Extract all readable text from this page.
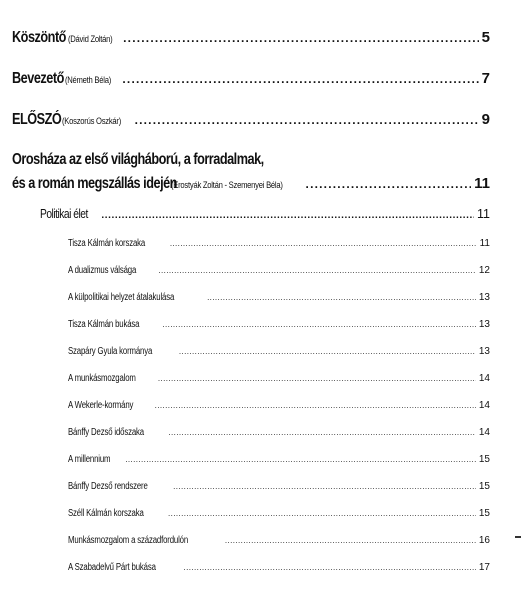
Köszöntő (Dávid Zoltán) .....	5
Bevezető (Németh Béla) .....	7
ELŐSZÓ (Koszorús Oszkár) .....	9
Orosháza az első világháború, a forradalmak,
és a román megszállás idején
(Erostyák Zoltán - Szemenyei Béla) .....	11
Politikai élet .....	11
Tisza Kálmán korszaka .....	11
A dualizmus válsága .....	12
A külpolitikai helyzet átalakulása .....	13
Tisza Kálmán bukása .....	13
Szapáry Gyula kormánya .....	13
A munkásmozgalom .....	14
A Wekerle-kormány .....	14
Bánffy Dezső időszaka .....	14
A millennium .....	15
Bánffy Dezső rendszere .....	15
Széll Kálmán korszaka .....	15
Munkásmozgalom a századfordulón .....	16
A Szabadelvű Párt bukása .....	17
